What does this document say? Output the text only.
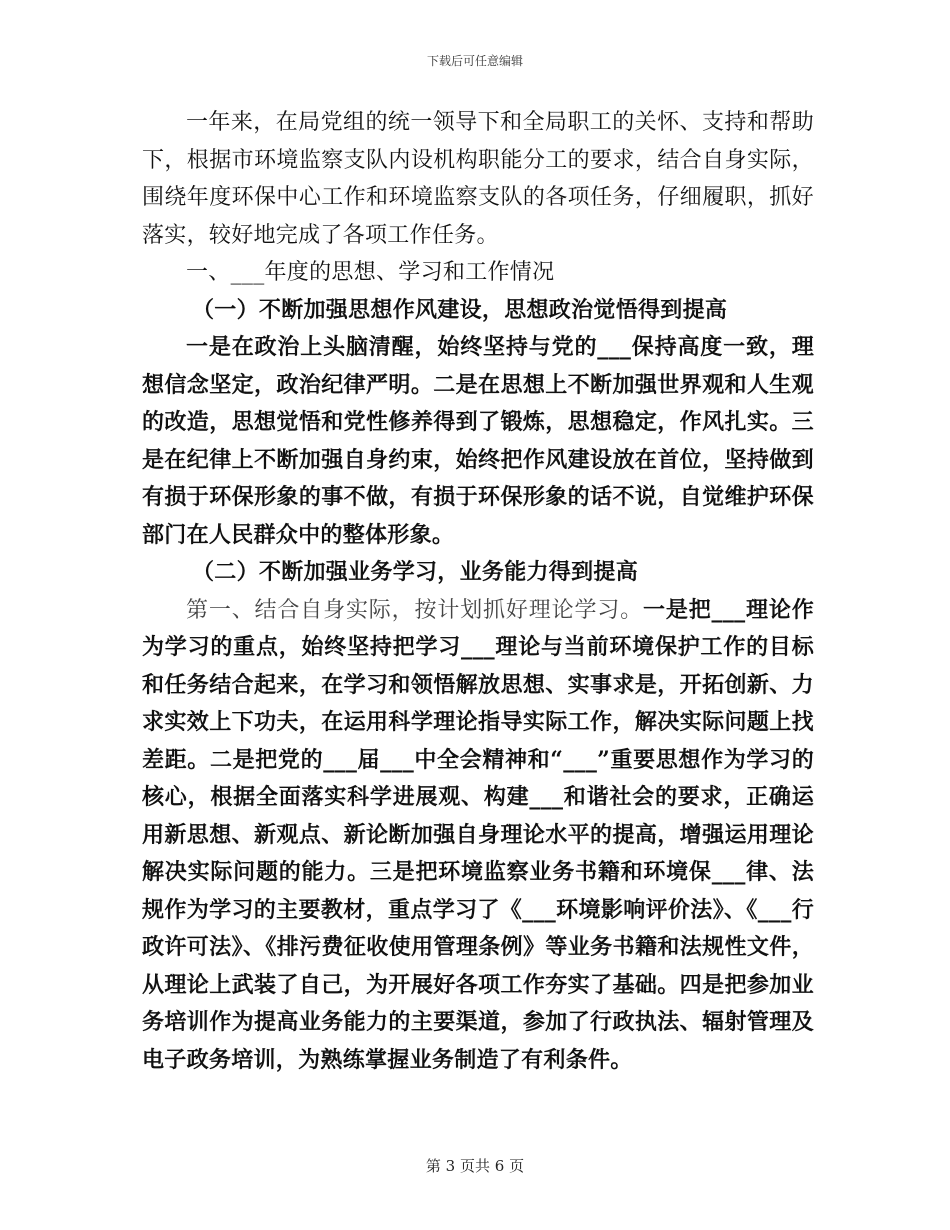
下载后可任意编辑

一年来，在局党组的统一领导下和全局职工的关怀、支持和帮助下，根据市环境监察支队内设机构职能分工的要求，结合自身实际，围绕年度环保中心工作和环境监察支队的各项任务，仔细履职，抓好落实，较好地完成了各项工作任务。

一、___年度的思想、学习和工作情况

（一）不断加强思想作风建设，思想政治觉悟得到提高

一是在政治上头脑清醒，始终坚持与党的___保持高度一致，理想信念坚定，政治纪律严明。二是在思想上不断加强世界观和人生观的改造，思想觉悟和党性修养得到了锻炼，思想稳定，作风扎实。三是在纪律上不断加强自身约束，始终把作风建设放在首位，坚持做到有损于环保形象的事不做，有损于环保形象的话不说，自觉维护环保部门在人民群众中的整体形象。

（二）不断加强业务学习，业务能力得到提高

第一、结合自身实际，按计划抓好理论学习。一是把___理论作为学习的重点，始终坚持把学习___理论与当前环境保护工作的目标和任务结合起来，在学习和领悟解放思想、实事求是，开拓创新、力求实效上下功夫，在运用科学理论指导实际工作，解决实际问题上找差距。二是把党的___届___中全会精神和“___”重要思想作为学习的核心，根据全面落实科学进展观、构建___和谐社会的要求，正确运用新思想、新观点、新论断加强自身理论水平的提高，增强运用理论解决实际问题的能力。三是把环境监察业务书籍和环境保___律、法规作为学习的主要教材，重点学习了《___环境影响评价法》、《___行政许可法》、《排污费征收使用管理条例》等业务书籍和法规性文件，从理论上武装了自己，为开展好各项工作夯实了基础。四是把参加业务培训作为提高业务能力的主要渠道，参加了行政执法、辐射管理及电子政务培训，为熟练掌握业务制造了有利条件。

第 3 页共 6 页
